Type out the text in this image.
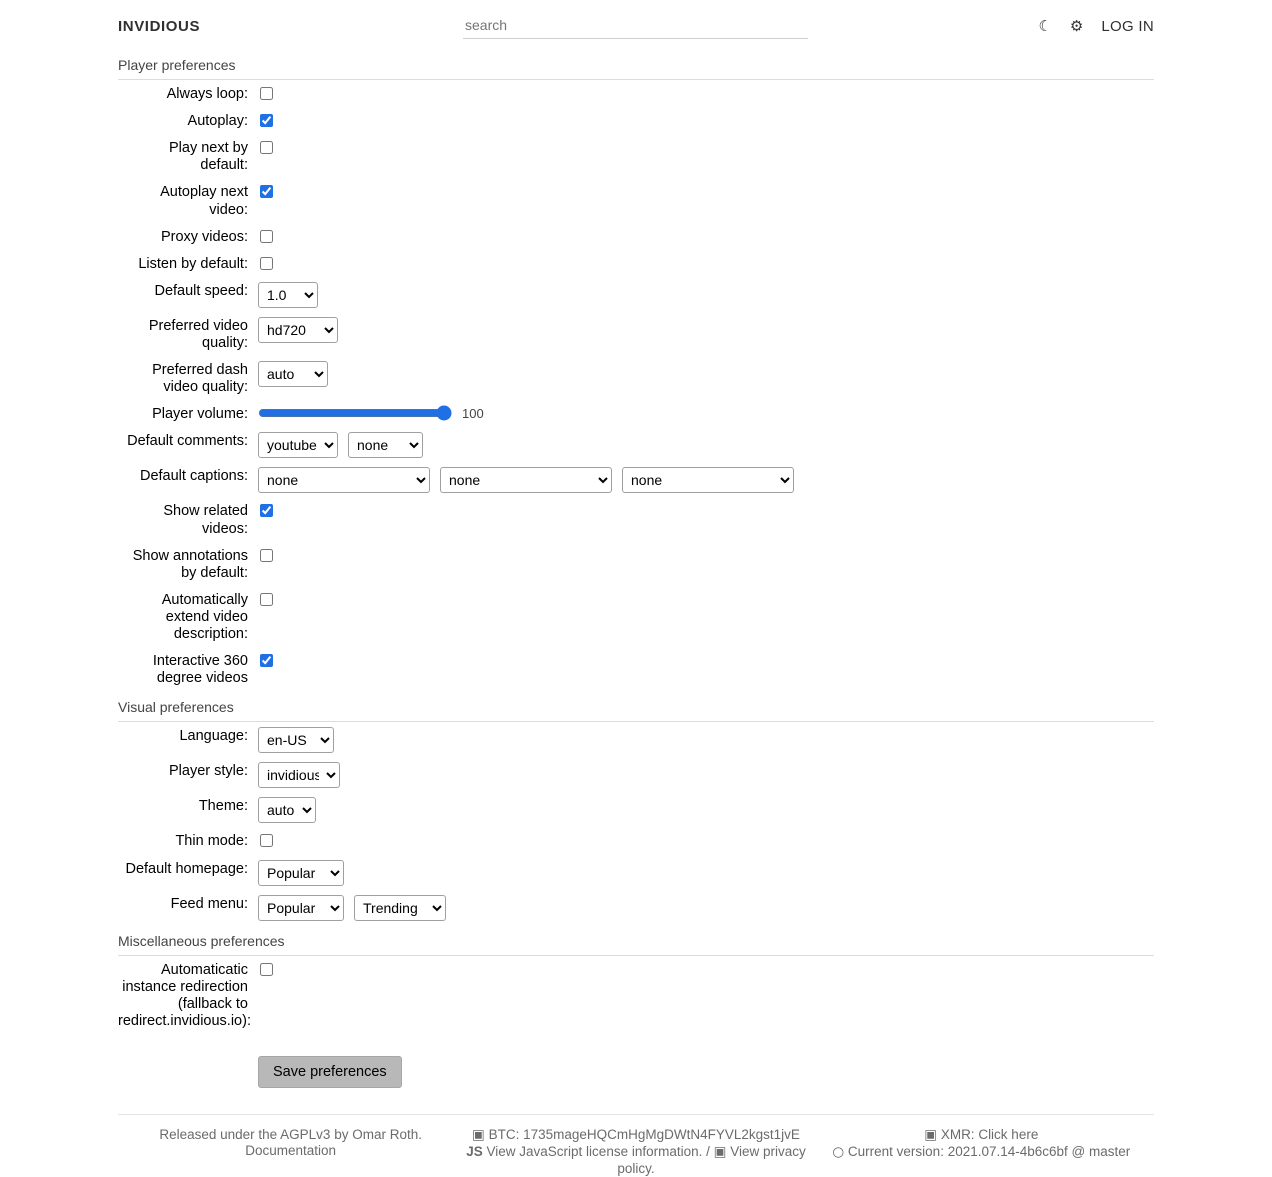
INVIDIOUS
search	☾ ⚙ LOG IN
Player preferences
Always loop:
Autoplay:
Play next by default:
Autoplay next video:
Proxy videos:
Listen by default:
Default speed:
1.0
Preferred video quality:
hd720
Preferred dash video quality:
auto
Player volume:	100
Default comments:
youtube
none
Default captions:
none
none
none
Show related videos:
Show annotations by default:
Automatically extend video description:
Interactive 360 degree videos
Visual preferences
Language:
en-US
Player style:
invidious
Theme:
auto
Thin mode:
Default homepage:
Popular
Feed menu:
Popular
Trending
Miscellaneous preferences
Automaticatic instance redirection (fallback to redirect.invidious.io):
Save preferences
Released under the AGPLv3 by Omar Roth.
Documentation
▣ BTC: 1735mageHQCmHgMgDWtN4FYVL2kgst1jvE
JS View JavaScript license information. / ▣ View privacy policy.
▣ XMR: Click here
○ Current version: 2021.07.14-4b6c6bf @ master
